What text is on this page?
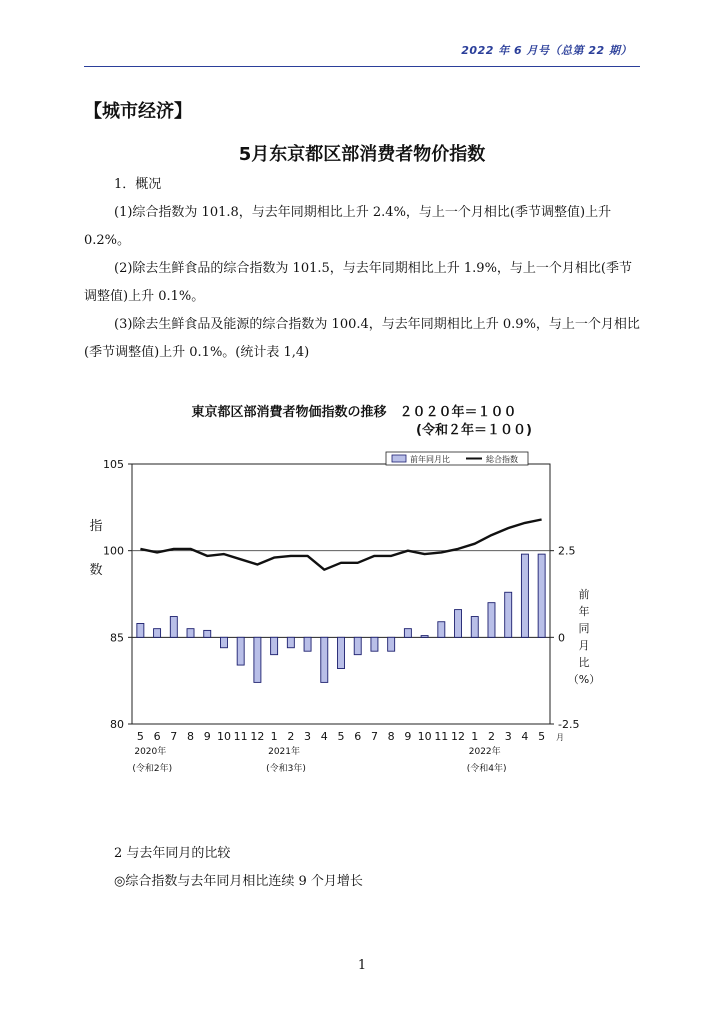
2022 年 6 月号（总第 22 期）
【城市经济】
5月东京都区部消费者物价指数

1．概况

(1)综合指数为 101.8，与去年同期相比上升 2.4%，与上一个月相比(季节调整值)上升 0.2%。

(2)除去生鲜食品的综合指数为 101.5，与去年同期相比上升 1.9%，与上一个月相比(季节调整值)上升 0.1%。

(3)除去生鲜食品及能源的综合指数为 100.4，与去年同期相比上升 0.9%，与上一个月相比(季节调整值)上升 0.1%。(统计表 1,4)

東京都区部消費者物価指数の推移　２０２０年＝１００
(令和２年＝１００)
105
100
85
80
2.5
0
-2.5
指
数
前
年
同
月
比
（%）
5 6 7 8 9 10 11 12 1 2 3 4 5 6 7 8 9 10 11 12 1 2 3 4 5 月
2020年
(令和2年)
2021年
(令和3年)
2022年
(令和4年)
前年同月比	総合指数

2 与去年同月的比较

◎综合指数与去年同月相比连续 9 个月增长

1
